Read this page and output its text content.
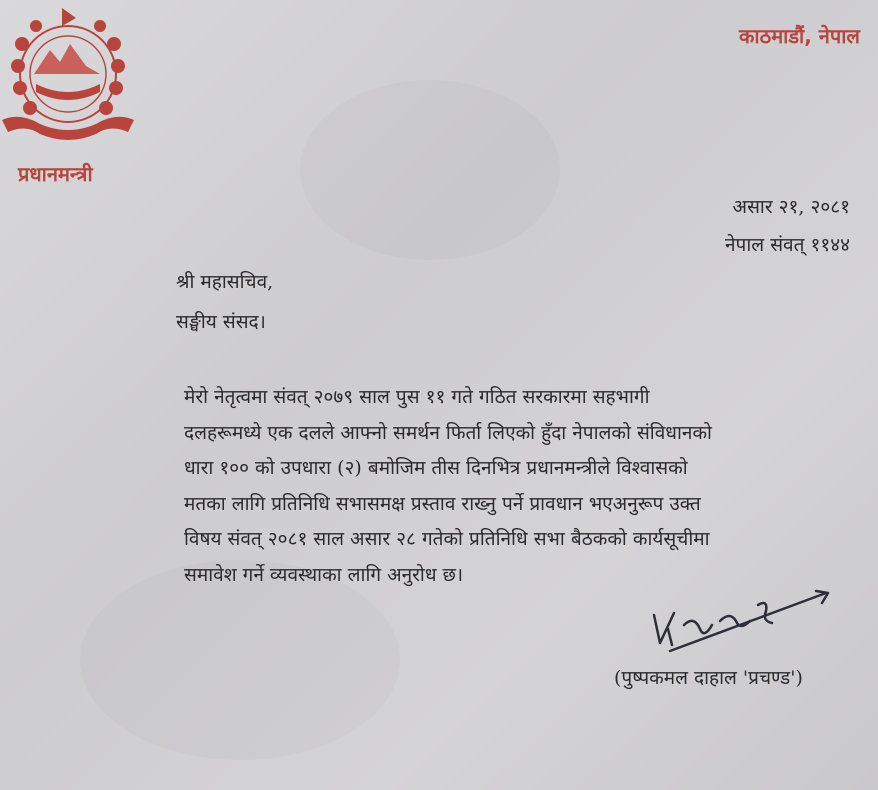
प्रधानमन्त्री
काठमाडौं, नेपाल
असार २१, २०८१
नेपाल संवत् ११४४
श्री महासचिव,
सङ्घीय संसद।

मेरो नेतृत्वमा संवत् २०७९ साल पुस ११ गते गठित सरकारमा सहभागी

दलहरूमध्ये एक दलले आफ्नो समर्थन फिर्ता लिएको हुँदा नेपालको संविधानको

धारा १०० को उपधारा (२) बमोजिम तीस दिनभित्र प्रधानमन्त्रीले विश्वासको

मतका लागि प्रतिनिधि सभासमक्ष प्रस्ताव राख्नु पर्ने प्रावधान भएअनुरूप उक्त

विषय संवत् २०८१ साल असार २८ गतेको प्रतिनिधि सभा बैठकको कार्यसूचीमा

समावेश गर्ने व्यवस्थाका लागि अनुरोध छ।

(पुष्पकमल दाहाल 'प्रचण्ड')
